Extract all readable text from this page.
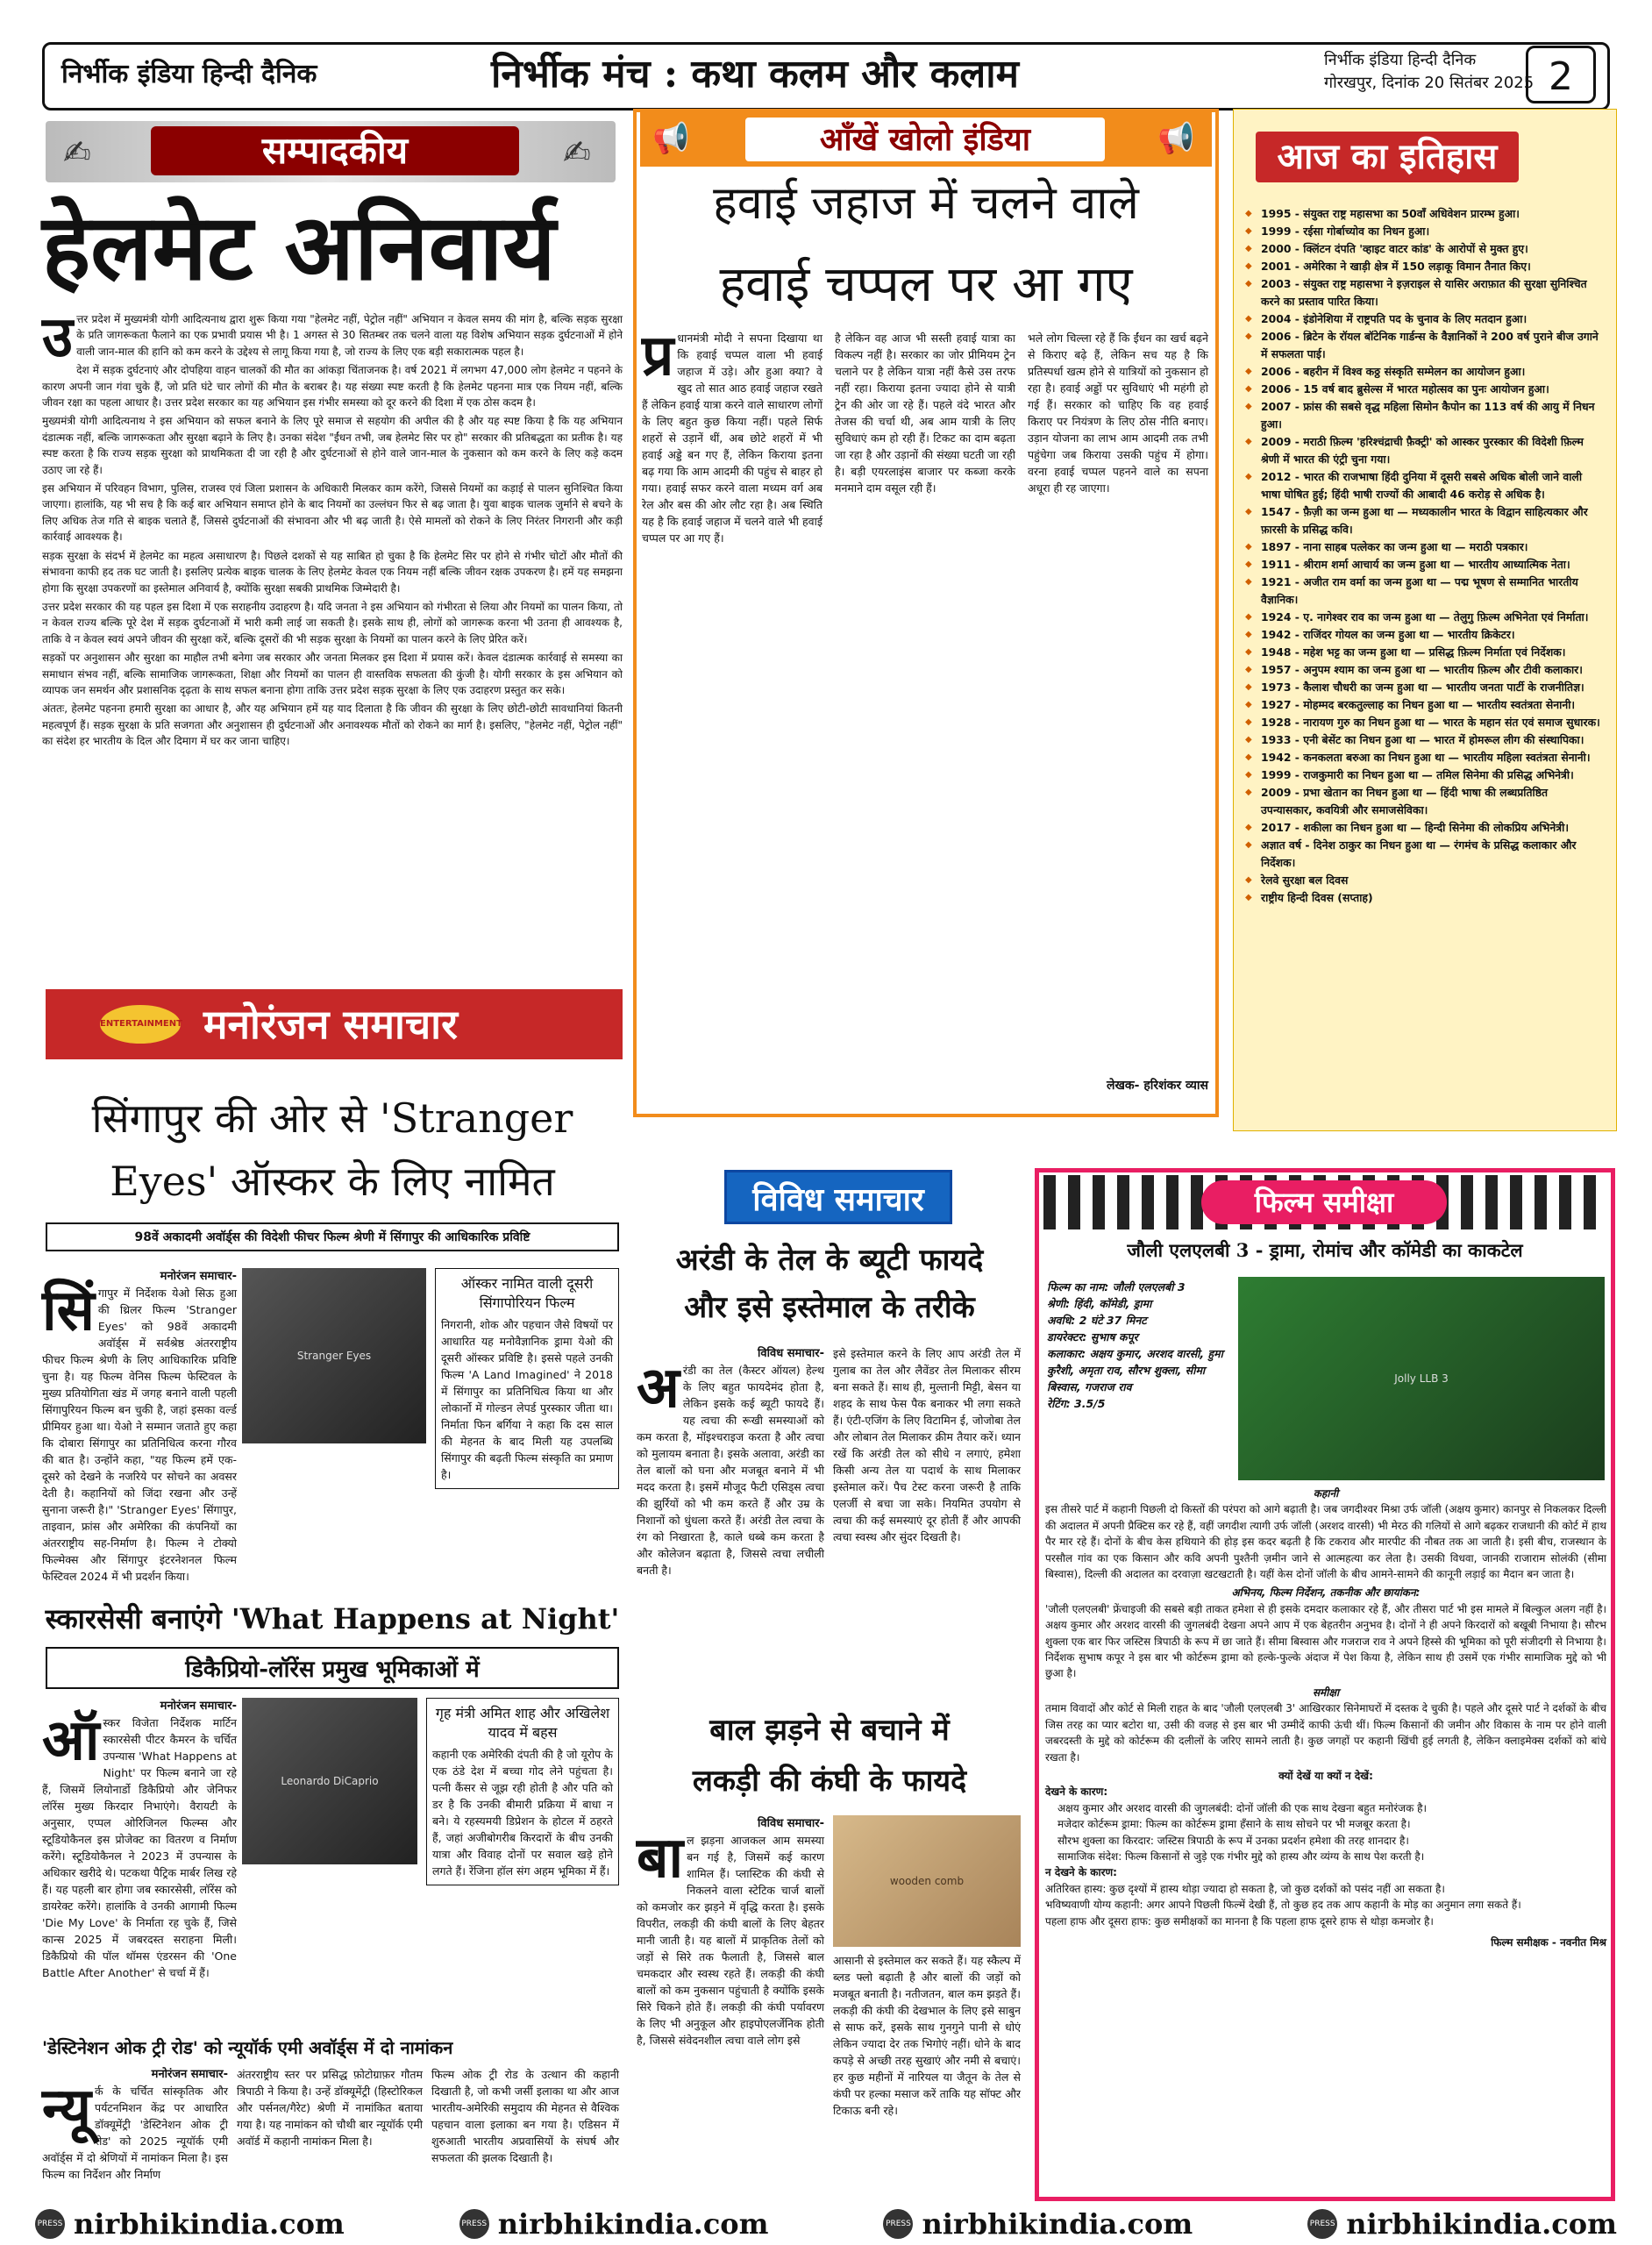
निर्भीक इंडिया हिन्दी दैनिक	निर्भीक मंच : कथा कलम और कलाम	निर्भीक इंडिया हिन्दी दैनिक
गोरखपुर, दिनांक 20 सितंबर 2025 2
✍	सम्पादकीय	✍
हेलमेट अनिवार्य
उ त्तर प्रदेश में मुख्यमंत्री योगी आदित्यनाथ द्वारा शुरू किया गया "हेलमेट नहीं, पेट्रोल नहीं" अभियान न केवल समय की मांग है, बल्कि सड़क सुरक्षा के प्रति जागरूकता फैलाने का एक प्रभावी प्रयास भी है। 1 अगस्त से 30 सितम्बर तक चलने वाला यह विशेष अभियान सड़क दुर्घटनाओं में होने वाली जान-माल की हानि को कम करने के उद्देश्य से लागू किया गया है, जो राज्य के लिए एक बड़ी सकारात्मक पहल है।

देश में सड़क दुर्घटनाएं और दोपहिया वाहन चालकों की मौत का आंकड़ा चिंताजनक है। वर्ष 2021 में लगभग 47,000 लोग हेलमेट न पहनने के कारण अपनी जान गंवा चुके हैं, जो प्रति घंटे चार लोगों की मौत के बराबर है। यह संख्या स्पष्ट करती है कि हेलमेट पहनना मात्र एक नियम नहीं, बल्कि जीवन रक्षा का पहला आधार है। उत्तर प्रदेश सरकार का यह अभियान इस गंभीर समस्या को दूर करने की दिशा में एक ठोस कदम है।

मुख्यमंत्री योगी आदित्यनाथ ने इस अभियान को सफल बनाने के लिए पूरे समाज से सहयोग की अपील की है और यह स्पष्ट किया है कि यह अभियान दंडात्मक नहीं, बल्कि जागरूकता और सुरक्षा बढ़ाने के लिए है। उनका संदेश "ईंधन तभी, जब हेलमेट सिर पर हो" सरकार की प्रतिबद्धता का प्रतीक है। यह स्पष्ट करता है कि राज्य सड़क सुरक्षा को प्राथमिकता दी जा रही है और दुर्घटनाओं से होने वाले जान-माल के नुकसान को कम करने के लिए कड़े कदम उठाए जा रहे हैं।

इस अभियान में परिवहन विभाग, पुलिस, राजस्व एवं जिला प्रशासन के अधिकारी मिलकर काम करेंगे, जिससे नियमों का कड़ाई से पालन सुनिश्चित किया जाएगा। हालांकि, यह भी सच है कि कई बार अभियान समाप्त होने के बाद नियमों का उल्लंघन फिर से बढ़ जाता है। युवा बाइक चालक जुर्माने से बचने के लिए अधिक तेज गति से बाइक चलाते हैं, जिससे दुर्घटनाओं की संभावना और भी बढ़ जाती है। ऐसे मामलों को रोकने के लिए निरंतर निगरानी और कड़ी कार्रवाई आवश्यक है।

सड़क सुरक्षा के संदर्भ में हेलमेट का महत्व असाधारण है। पिछले दशकों से यह साबित हो चुका है कि हेलमेट सिर पर होने से गंभीर चोटों और मौतों की संभावना काफी हद तक घट जाती है। इसलिए प्रत्येक बाइक चालक के लिए हेलमेट केवल एक नियम नहीं बल्कि जीवन रक्षक उपकरण है। हमें यह समझना होगा कि सुरक्षा उपकरणों का इस्तेमाल अनिवार्य है, क्योंकि सुरक्षा सबकी प्राथमिक जिम्मेदारी है।

उत्तर प्रदेश सरकार की यह पहल इस दिशा में एक सराहनीय उदाहरण है। यदि जनता ने इस अभियान को गंभीरता से लिया और नियमों का पालन किया, तो न केवल राज्य बल्कि पूरे देश में सड़क दुर्घटनाओं में भारी कमी लाई जा सकती है। इसके साथ ही, लोगों को जागरूक करना भी उतना ही आवश्यक है, ताकि वे न केवल स्वयं अपने जीवन की सुरक्षा करें, बल्कि दूसरों की भी सड़क सुरक्षा के नियमों का पालन करने के लिए प्रेरित करें।

सड़कों पर अनुशासन और सुरक्षा का माहौल तभी बनेगा जब सरकार और जनता मिलकर इस दिशा में प्रयास करें। केवल दंडात्मक कार्रवाई से समस्या का समाधान संभव नहीं, बल्कि सामाजिक जागरूकता, शिक्षा और नियमों का पालन ही वास्तविक सफलता की कुंजी है। योगी सरकार के इस अभियान को व्यापक जन समर्थन और प्रशासनिक दृढ़ता के साथ सफल बनाना होगा ताकि उत्तर प्रदेश सड़क सुरक्षा के लिए एक उदाहरण प्रस्तुत कर सके।

अंततः, हेलमेट पहनना हमारी सुरक्षा का आधार है, और यह अभियान हमें यह याद दिलाता है कि जीवन की सुरक्षा के लिए छोटी-छोटी सावधानियां कितनी महत्वपूर्ण हैं। सड़क सुरक्षा के प्रति सजगता और अनुशासन ही दुर्घटनाओं और अनावश्यक मौतों को रोकने का मार्ग है। इसलिए, "हेलमेट नहीं, पेट्रोल नहीं" का संदेश हर भारतीय के दिल और दिमाग में घर कर जाना चाहिए।

📢	आँखें खोलो इंडिया	📢
हवाई जहाज में चलने वाले
हवाई चप्पल पर आ गए
प्र धानमंत्री मोदी ने सपना दिखाया था कि हवाई चप्पल वाला भी हवाई जहाज में उड़े। और हुआ क्या? वे खुद तो सात आठ हवाई जहाज रखते हैं लेकिन हवाई यात्रा करने वाले साधारण लोगों के लिए बहुत कुछ किया नहीं। पहले सिर्फ शहरों से उड़ानें थीं, अब छोटे शहरों में भी हवाई अड्डे बन गए हैं, लेकिन किराया इतना बढ़ गया कि आम आदमी की पहुंच से बाहर हो गया। हवाई सफर करने वाला मध्यम वर्ग अब रेल और बस की ओर लौट रहा है। अब स्थिति यह है कि हवाई जहाज में चलने वाले भी हवाई चप्पल पर आ गए हैं।
है लेकिन वह आज भी सस्ती हवाई यात्रा का विकल्प नहीं है। सरकार का जोर प्रीमियम ट्रेन चलाने पर है लेकिन यात्रा नहीं कैसे उस तरफ नहीं रहा। किराया इतना ज्यादा होने से यात्री ट्रेन की ओर जा रहे हैं। पहले वंदे भारत और तेजस की चर्चा थी, अब आम यात्री के लिए सुविधाएं कम हो रही हैं। टिकट का दाम बढ़ता जा रहा है और उड़ानों की संख्या घटती जा रही है। बड़ी एयरलाइंस बाजार पर कब्जा करके मनमाने दाम वसूल रही हैं।
भले लोग चिल्ला रहे हैं कि ईंधन का खर्च बढ़ने से किराए बढ़े हैं, लेकिन सच यह है कि प्रतिस्पर्धा खत्म होने से यात्रियों को नुकसान हो रहा है। हवाई अड्डों पर सुविधाएं भी महंगी हो गई हैं। सरकार को चाहिए कि वह हवाई किराए पर नियंत्रण के लिए ठोस नीति बनाए। उड़ान योजना का लाभ आम आदमी तक तभी पहुंचेगा जब किराया उसकी पहुंच में होगा। वरना हवाई चप्पल पहनने वाले का सपना अधूरा ही रह जाएगा।
लेखक- हरिशंकर व्यास
आज का इतिहास
◆ 1995 - संयुक्त राष्ट्र महासभा का 50वाँ अधिवेशन प्रारम्भ हुआ।
◆ 1999 - रईसा गोर्बाच्योव का निधन हुआ।
◆ 2000 - क्लिंटन दंपति 'व्हाइट वाटर कांड' के आरोपों से मुक्त हुए।
◆ 2001 - अमेरिका ने खाड़ी क्षेत्र में 150 लड़ाकू विमान तैनात किए।
◆ 2003 - संयुक्त राष्ट्र महासभा ने इज़राइल से यासिर अराफ़ात की सुरक्षा सुनिश्चित करने का प्रस्ताव पारित किया।
◆ 2004 - इंडोनेशिया में राष्ट्रपति पद के चुनाव के लिए मतदान हुआ।
◆ 2006 - ब्रिटेन के रॉयल बॉटेनिक गार्डन्स के वैज्ञानिकों ने 200 वर्ष पुराने बीज उगाने में सफलता पाई।
◆ 2006 - बहरीन में विश्व कठ्ठ संस्कृति सम्मेलन का आयोजन हुआ।
◆ 2006 - 15 वर्ष बाद ब्रुसेल्स में भारत महोत्सव का पुनः आयोजन हुआ।
◆ 2007 - फ्रांस की सबसे वृद्ध महिला सिमोन कैपोन का 113 वर्ष की आयु में निधन हुआ।
◆ 2009 - मराठी फ़िल्म 'हरिश्चंद्राची फ़ैक्ट्री' को आस्कर पुरस्कार की विदेशी फ़िल्म श्रेणी में भारत की एंट्री चुना गया।
◆ 2012 - भारत की राजभाषा हिंदी दुनिया में दूसरी सबसे अधिक बोली जाने वाली भाषा घोषित हुई; हिंदी भाषी राज्यों की आबादी 46 करोड़ से अधिक है।
◆ 1547 - फ़ैज़ी का जन्म हुआ था — मध्यकालीन भारत के विद्वान साहित्यकार और फ़ारसी के प्रसिद्ध कवि।
◆ 1897 - नाना साहब पत्लेकर का जन्म हुआ था — मराठी पत्रकार।
◆ 1911 - श्रीराम शर्मा आचार्य का जन्म हुआ था — भारतीय आध्यात्मिक नेता।
◆ 1921 - अजीत राम वर्मा का जन्म हुआ था — पद्म भूषण से सम्मानित भारतीय वैज्ञानिक।
◆ 1924 - ए. नागेश्वर राव का जन्म हुआ था — तेलुगु फ़िल्म अभिनेता एवं निर्माता।
◆ 1942 - राजिंदर गोयल का जन्म हुआ था — भारतीय क्रिकेटर।
◆ 1948 - महेश भट्ट का जन्म हुआ था — प्रसिद्ध फ़िल्म निर्माता एवं निर्देशक।
◆ 1957 - अनुपम श्याम का जन्म हुआ था — भारतीय फ़िल्म और टीवी कलाकार।
◆ 1973 - कैलाश चौधरी का जन्म हुआ था — भारतीय जनता पार्टी के राजनीतिज्ञ।
◆ 1927 - मोहम्मद बरकतुल्लाह का निधन हुआ था — भारतीय स्वतंत्रता सेनानी।
◆ 1928 - नारायण गुरु का निधन हुआ था — भारत के महान संत एवं समाज सुधारक।
◆ 1933 - एनी बेसेंट का निधन हुआ था — भारत में होमरूल लीग की संस्थापिका।
◆ 1942 - कनकलता बरुआ का निधन हुआ था — भारतीय महिला स्वतंत्रता सेनानी।
◆ 1999 - राजकुमारी का निधन हुआ था — तमिल सिनेमा की प्रसिद्ध अभिनेत्री।
◆ 2009 - प्रभा खेतान का निधन हुआ था — हिंदी भाषा की लब्धप्रतिष्ठित उपन्यासकार, कवयित्री और समाजसेविका।
◆ 2017 - शकीला का निधन हुआ था — हिन्दी सिनेमा की लोकप्रिय अभिनेत्री।
◆ अज्ञात वर्ष - दिनेश ठाकुर का निधन हुआ था — रंगमंच के प्रसिद्ध कलाकार और निर्देशक।
◆ रेलवे सुरक्षा बल दिवस
◆ राष्ट्रीय हिन्दी दिवस (सप्ताह)
ENTERTAINMENT मनोरंजन समाचार
सिंगापुर की ओर से 'Stranger
Eyes' ऑस्कर के लिए नामित
98वें अकादमी अवॉर्ड्स की विदेशी फीचर फिल्म श्रेणी में सिंगापुर की आधिकारिक प्रविष्टि
मनोरंजन समाचार-
सिं गापुर में निर्देशक येओ सिऊ हुआ की थ्रिलर फिल्म 'Stranger Eyes' को 98वें अकादमी अवॉर्ड्स में सर्वश्रेष्ठ अंतरराष्ट्रीय फीचर फिल्म श्रेणी के लिए आधिकारिक प्रविष्टि चुना है। यह फिल्म वेनिस फिल्म फेस्टिवल के मुख्य प्रतियोगिता खंड में जगह बनाने वाली पहली सिंगापुरियन फिल्म बन चुकी है, जहां इसका वर्ल्ड प्रीमियर हुआ था। येओ ने सम्मान जताते हुए कहा कि दोबारा सिंगापुर का प्रतिनिधित्व करना गौरव की बात है। उन्होंने कहा, "यह फिल्म हमें एक-दूसरे को देखने के नजरिये पर सोचने का अवसर देती है। कहानियों को जिंदा रखना और उन्हें सुनाना जरूरी है।" 'Stranger Eyes' सिंगापुर, ताइवान, फ्रांस और अमेरिका की कंपनियों का अंतरराष्ट्रीय सह-निर्माण है। फिल्म ने टोक्यो फिल्मेक्स और सिंगापुर इंटरनेशनल फिल्म फेस्टिवल 2024 में भी प्रदर्शन किया।
Stranger Eyes
ऑस्कर नामित वाली दूसरी सिंगापोरियन फिल्म
निगरानी, शोक और पहचान जैसे विषयों पर आधारित यह मनोवैज्ञानिक ड्रामा येओ की दूसरी ऑस्कर प्रविष्टि है। इससे पहले उनकी फिल्म 'A Land Imagined' ने 2018 में सिंगापुर का प्रतिनिधित्व किया था और लोकार्नो में गोल्डन लेपर्ड पुरस्कार जीता था। निर्माता फिन बर्गिया ने कहा कि दस साल की मेहनत के बाद मिली यह उपलब्धि सिंगापुर की बढ़ती फिल्म संस्कृति का प्रमाण है।
स्कारसेसी बनाएंगे 'What Happens at Night'
डिकैप्रियो-लॉरेंस प्रमुख भूमिकाओं में
मनोरंजन समाचार-
ऑ स्कर विजेता निर्देशक मार्टिन स्कारसेसी पीटर कैमरन के चर्चित उपन्यास 'What Happens at Night' पर फिल्म बनाने जा रहे हैं, जिसमें लियोनार्डो डिकैप्रियो और जेनिफर लॉरेंस मुख्य किरदार निभाएंगे। वैरायटी के अनुसार, एप्पल ओरिजिनल फिल्म्स और स्टूडियोकैनल इस प्रोजेक्ट का वितरण व निर्माण करेंगे। स्टूडियोकैनल ने 2023 में उपन्यास के अधिकार खरीदे थे। पटकथा पैट्रिक मार्बर लिख रहे हैं। यह पहली बार होगा जब स्कारसेसी, लॉरेंस को डायरेक्ट करेंगे। हालांकि वे उनकी आगामी फिल्म 'Die My Love' के निर्माता रह चुके हैं, जिसे कान्स 2025 में जबरदस्त सराहना मिली। डिकैप्रियो की पॉल थॉमस एंडरसन की 'One Battle After Another' से चर्चा में हैं।
Leonardo DiCaprio
गृह मंत्री अमित शाह और अखिलेश यादव में बहस
कहानी एक अमेरिकी दंपती की है जो यूरोप के एक ठंडे देश में बच्चा गोद लेने पहुंचता है। पत्नी कैंसर से जूझ रही होती है और पति को डर है कि उनकी बीमारी प्रक्रिया में बाधा न बने। ये रहस्यमयी डिप्रेशन के होटल में ठहरते हैं, जहां अजीबोगरीब किरदारों के बीच उनकी यात्रा और विवाह दोनों पर सवाल खड़े होने लगते हैं। रेंजिना हॉल संग अहम भूमिका में हैं।
'डेस्टिनेशन ओक ट्री रोड' को न्यूयॉर्क एमी अवॉर्ड्स में दो नामांकन
मनोरंजन समाचार-
न्यू र्क के चर्चित सांस्कृतिक और पर्यटनमिशन केंद्र पर आधारित डॉक्यूमेंट्री 'डेस्टिनेशन ओक ट्री रोड' को 2025 न्यूयॉर्क एमी अवॉर्ड्स में दो श्रेणियों में नामांकन मिला है। इस फिल्म का निर्देशन और निर्माण
अंतरराष्ट्रीय स्तर पर प्रसिद्ध फ़ोटोग्राफ़र गौतम त्रिपाठी ने किया है। उन्हें डॉक्यूमेंट्री (हिस्टोरिकल और पर्सनल/गैरेट) श्रेणी में नामांकित बताया गया है। यह नामांकन को चौथी बार न्यूयॉर्क एमी अवॉर्ड में कहानी नामांकन मिला है।
फिल्म ओक ट्री रोड के उत्थान की कहानी दिखाती है, जो कभी जर्सी इलाका था और आज भारतीय-अमेरिकी समुदाय की मेहनत से वैश्विक पहचान वाला इलाका बन गया है। एडिसन में शुरुआती भारतीय अप्रवासियों के संघर्ष और सफलता की झलक दिखाती है।
विविध समाचार
अरंडी के तेल के ब्यूटी फायदे
और इसे इस्तेमाल के तरीके
विविध समाचार-
अ रंडी का तेल (कैस्टर ऑयल) हेल्थ के लिए बहुत फायदेमंद होता है, लेकिन इसके कई ब्यूटी फायदे हैं। यह त्वचा की रूखी समस्याओं को कम करता है, मॉइश्चराइज करता है और त्वचा को मुलायम बनाता है। इसके अलावा, अरंडी का तेल बालों को घना और मजबूत बनाने में भी मदद करता है। इसमें मौजूद फैटी एसिड्स त्वचा की झुर्रियों को भी कम करते हैं और उम्र के निशानों को धुंधला करते हैं। अरंडी तेल त्वचा के रंग को निखारता है, काले धब्बे कम करता है और कोलेजन बढ़ाता है, जिससे त्वचा लचीली बनती है।
इसे इस्तेमाल करने के लिए आप अरंडी तेल में गुलाब का तेल और लैवेंडर तेल मिलाकर सीरम बना सकते हैं। साथ ही, मुल्तानी मिट्टी, बेसन या शहद के साथ फेस पैक बनाकर भी लगा सकते हैं। एंटी-एजिंग के लिए विटामिन ई, जोजोबा तेल और लोबान तेल मिलाकर क्रीम तैयार करें। ध्यान रखें कि अरंडी तेल को सीधे न लगाएं, हमेशा किसी अन्य तेल या पदार्थ के साथ मिलाकर इस्तेमाल करें। पैच टेस्ट करना जरूरी है ताकि एलर्जी से बचा जा सके। नियमित उपयोग से त्वचा की कई समस्याएं दूर होती हैं और आपकी त्वचा स्वस्थ और सुंदर दिखती है।
बाल झड़ने से बचाने में
लकड़ी की कंघी के फायदे
विविध समाचार-
बा ल झड़ना आजकल आम समस्या बन गई है, जिसमें कई कारण शामिल हैं। प्लास्टिक की कंघी से निकलने वाला स्टेटिक चार्ज बालों को कमजोर कर झड़ने में वृद्धि करता है। इसके विपरीत, लकड़ी की कंघी बालों के लिए बेहतर मानी जाती है। यह बालों में प्राकृतिक तेलों को जड़ों से सिरे तक फैलाती है, जिससे बाल चमकदार और स्वस्थ रहते हैं। लकड़ी की कंघी बालों को कम नुकसान पहुंचाती है क्योंकि इसके सिरे चिकने होते हैं। लकड़ी की कंघी पर्यावरण के लिए भी अनुकूल और हाइपोएलर्जेनिक होती है, जिससे संवेदनशील त्वचा वाले लोग इसे
wooden comb
आसानी से इस्तेमाल कर सकते हैं। यह स्कैल्प में ब्लड फ्लो बढ़ाती है और बालों की जड़ों को मजबूत बनाती है। नतीजतन, बाल कम झड़ते हैं। लकड़ी की कंघी की देखभाल के लिए इसे साबुन से साफ करें, इसके साथ गुनगुने पानी से धोएं लेकिन ज्यादा देर तक भिगोएं नहीं। धोने के बाद कपड़े से अच्छी तरह सुखाएं और नमी से बचाएं। हर कुछ महीनों में नारियल या जैतून के तेल से कंघी पर हल्का मसाज करें ताकि यह सॉफ्ट और टिकाऊ बनी रहे।
फिल्म समीक्षा
जौली एलएलबी 3 - ड्रामा, रोमांच और कॉमेडी का काकटेल
फिल्म का नाम: जौली एलएलबी 3
श्रेणी: हिंदी, कॉमेडी, ड्रामा
अवधि: 2 घंटे 37 मिनट
डायरेक्टर: सुभाष कपूर
कलाकार: अक्षय कुमार, अरशद वारसी, हुमा कुरैशी, अमृता राव, सौरभ शुक्ला, सीमा बिस्वास, गजराज राव
रेटिंग: 3.5/5
Jolly LLB 3
कहानी

इस तीसरे पार्ट में कहानी पिछली दो किस्तों की परंपरा को आगे बढ़ाती है। जब जगदीश्वर मिश्रा उर्फ जॉली (अक्षय कुमार) कानपुर से निकलकर दिल्ली की अदालत में अपनी प्रैक्टिस कर रहे हैं, वहीं जगदीश त्यागी उर्फ जॉली (अरशद वारसी) भी मेरठ की गलियों से आगे बढ़कर राजधानी की कोर्ट में हाथ पैर मार रहे हैं। दोनों के बीच केस हथियाने की होड़ इस कदर बढ़ती है कि टकराव और मारपीट की नौबत तक आ जाती है। इसी बीच, राजस्थान के परसौल गांव का एक किसान और कवि अपनी पुश्तैनी ज़मीन जाने से आत्महत्या कर लेता है। उसकी विधवा, जानकी राजाराम सोलंकी (सीमा बिस्वास), दिल्ली की अदालत का दरवाज़ा खटखटाती है। यहीं केस दोनों जॉली के बीच आमने-सामने की कानूनी लड़ाई का मैदान बन जाता है।

अभिनय, फिल्म निर्देशन, तकनीक और छायांकन:

'जौली एलएलबी' फ्रेंचाइजी की सबसे बड़ी ताकत हमेशा से ही इसके दमदार कलाकार रहे हैं, और तीसरा पार्ट भी इस मामले में बिल्कुल अलग नहीं है। अक्षय कुमार और अरशद वारसी की जुगलबंदी देखना अपने आप में एक बेहतरीन अनुभव है। दोनों ने ही अपने किरदारों को बखूबी निभाया है। सौरभ शुक्ला एक बार फिर जस्टिस त्रिपाठी के रूप में छा जाते हैं। सीमा बिस्वास और गजराज राव ने अपने हिस्से की भूमिका को पूरी संजीदगी से निभाया है। निर्देशक सुभाष कपूर ने इस बार भी कोर्टरूम ड्रामा को हल्के-फुल्के अंदाज में पेश किया है, लेकिन साथ ही उसमें एक गंभीर सामाजिक मुद्दे को भी छुआ है।

समीक्षा

तमाम विवादों और कोर्ट से मिली राहत के बाद 'जौली एलएलबी 3' आखिरकार सिनेमाघरों में दस्तक दे चुकी है। पहले और दूसरे पार्ट ने दर्शकों के बीच जिस तरह का प्यार बटोरा था, उसी की वजह से इस बार भी उम्मीदें काफी ऊंची थीं। फिल्म किसानों की जमीन और विकास के नाम पर होने वाली जबरदस्ती के मुद्दे को कोर्टरूम की दलीलों के जरिए सामने लाती है। कुछ जगहों पर कहानी खिंची हुई लगती है, लेकिन क्लाइमेक्स दर्शकों को बांधे रखता है।

क्यों देखें या क्यों न देखें:
देखने के कारण:
अक्षय कुमार और अरशद वारसी की जुगलबंदी: दोनों जॉली की एक साथ देखना बहुत मनोरंजक है।
मजेदार कोर्टरूम ड्रामा: फिल्म का कोर्टरूम ड्रामा हँसाने के साथ सोचने पर भी मजबूर करता है।
सौरभ शुक्ला का किरदार: जस्टिस त्रिपाठी के रूप में उनका प्रदर्शन हमेशा की तरह शानदार है।
सामाजिक संदेश: फिल्म किसानों से जुड़े एक गंभीर मुद्दे को हास्य और व्यंग्य के साथ पेश करती है।
न देखने के कारण:
अतिरिक्त हास्य: कुछ दृश्यों में हास्य थोड़ा ज्यादा हो सकता है, जो कुछ दर्शकों को पसंद नहीं आ सकता है।
भविष्यवाणी योग्य कहानी: अगर आपने पिछली फिल्में देखी हैं, तो कुछ हद तक आप कहानी के मोड़ का अनुमान लगा सकते हैं।
पहला हाफ और दूसरा हाफ: कुछ समीक्षकों का मानना है कि पहला हाफ दूसरे हाफ से थोड़ा कमजोर है।
फिल्म समीक्षक - नवनीत मिश्र
PRESS nirbhikindia.com	PRESS nirbhikindia.com	PRESS nirbhikindia.com	PRESS nirbhikindia.com
